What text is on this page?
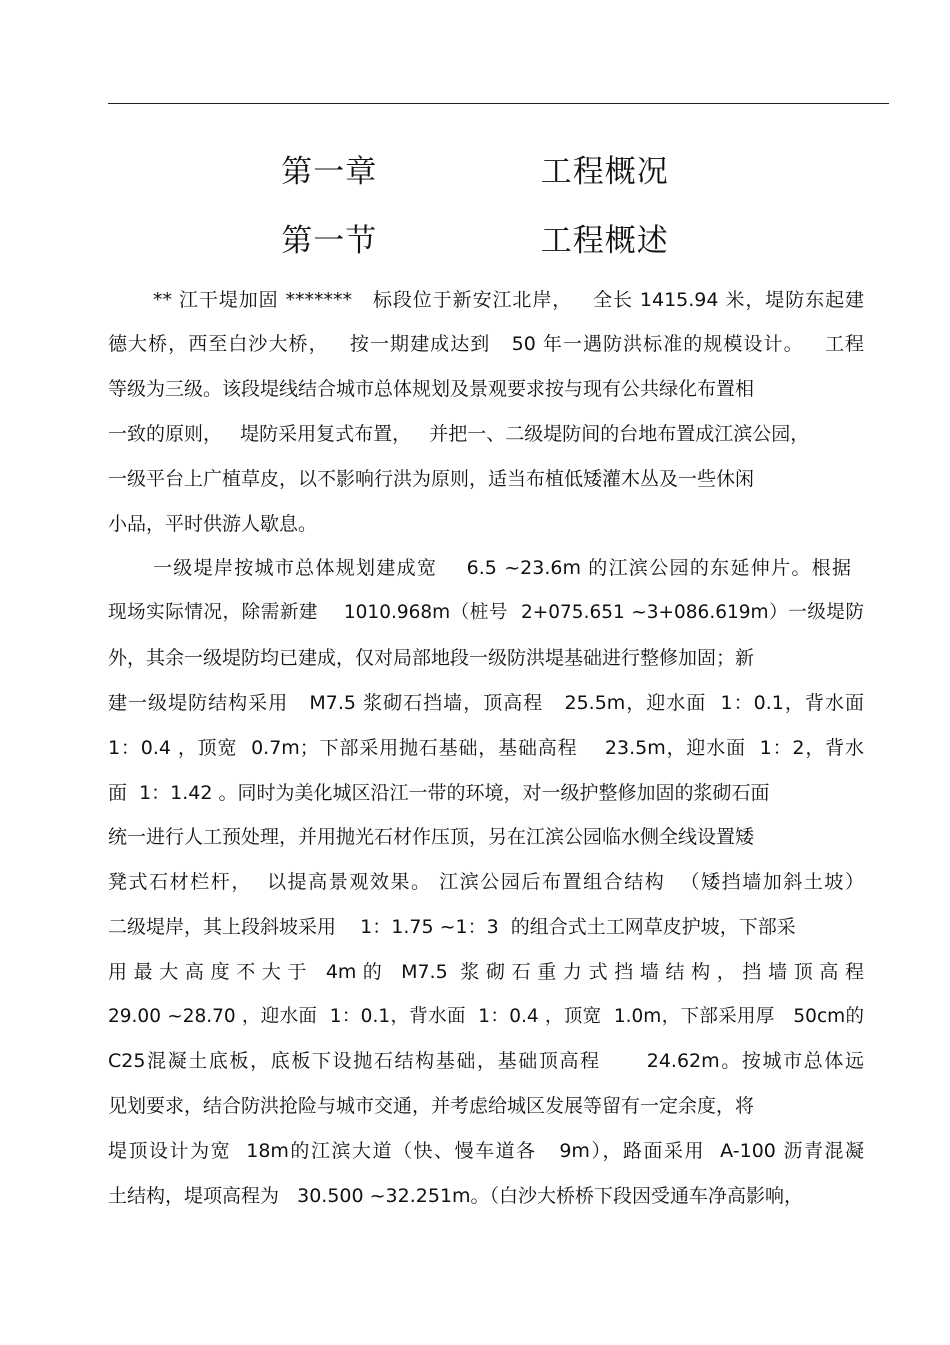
第一章    工程概况
第一节    工程概述
** 江干堤加固 *******   标段位于新安江北岸，   全长 1415.94 米，堤防东起建
德大桥，西至白沙大桥，   按一期建成达到   50 年一遇防洪标准的规模设计。   工程
等级为三级。该段堤线结合城市总体规划及景观要求按与现有公共绿化布置相
一致的原则，   堤防采用复式布置，   并把一、二级堤防间的台地布置成江滨公园，
一级平台上广植草皮，以不影响行洪为原则，适当布植低矮灌木丛及一些休闲
小品，平时供游人歇息。
一级堤岸按城市总体规划建成宽    6.5 ~23.6m 的江滨公园的东延伸片。根据
现场实际情况，除需新建    1010.968m（桩号  2+075.651 ~3+086.619m）一级堤防
外，其余一级堤防均已建成，仅对局部地段一级防洪堤基础进行整修加固；新
建一级堤防结构采用   M7.5 浆砌石挡墙，顶高程   25.5m，迎水面  1：0.1，背水面
1：0.4 ，顶宽  0.7m；下部采用抛石基础，基础高程    23.5m，迎水面  1：2，背水
面  1：1.42 。同时为美化城区沿江一带的环境，对一级护整修加固的浆砌石面
统一进行人工预处理，并用抛光石材作压顶，另在江滨公园临水侧全线设置矮
凳式石材栏杆，  以提高景观效果。 江滨公园后布置组合结构  （矮挡墙加斜土坡）
二级堤岸，其上段斜坡采用    1：1.75 ~1：3  的组合式土工网草皮护坡，下部采
用 最 大 高 度 不 大 于   4m 的   M7.5  浆 砌 石 重 力 式 挡 墙 结 构 ， 挡 墙 顶 高 程
29.00 ~28.70 ，迎水面  1：0.1，背水面  1：0.4 ，顶宽  1.0m，下部采用厚   50cm的
C25混凝土底板，底板下设抛石结构基础，基础顶高程      24.62m。按城市总体远
见划要求，结合防洪抢险与城市交通，并考虑给城区发展等留有一定余度，将
堤顶设计为宽  18m的江滨大道（快、慢车道各   9m），路面采用  A-100 沥青混凝
土结构，堤项高程为   30.500 ~32.251m。（白沙大桥桥下段因受通车净高影响，
